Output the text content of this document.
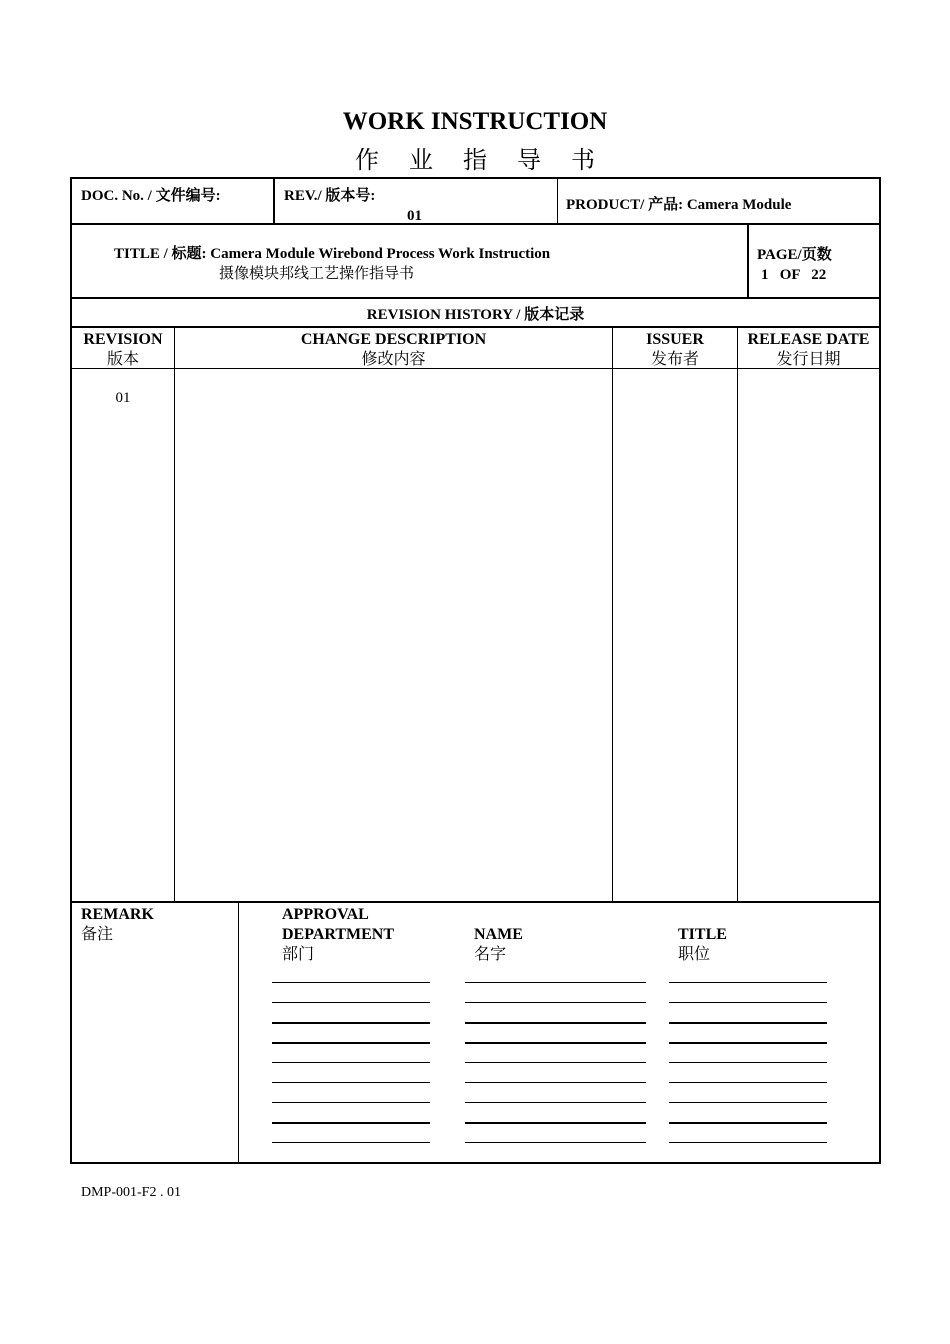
WORK INSTRUCTION
作业指导书
DOC. No. / 文件编号:	REV./ 版本号:
01
PRODUCT/ 产品: Camera Module
TITLE / 标题: Camera Module Wirebond Process Work Instruction
摄像模块邦线工艺操作指导书
PAGE/页数
1   OF   22
REVISION HISTORY / 版本记录
REVISION
版本
CHANGE DESCRIPTION
修改内容
ISSUER
发布者
RELEASE DATE
发行日期
01
REMARK
备注
APPROVAL
DEPARTMENT
部门
NAME
名字
TITLE
职位
DMP-001-F2 . 01
